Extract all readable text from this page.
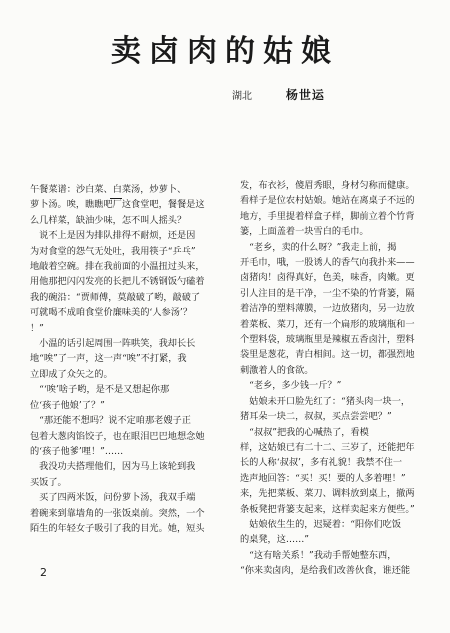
卖卤肉的姑娘
湖北	杨世运
午餐菜谱：沙白菜、白菜汤，炒萝卜、
萝卜汤。唉，瞧瞧吧厂这食堂吧，餐餐是这
么几样菜，缺油少味，怎不叫人摇头？
　说不上是因为排队排得不耐烦，还是因
为对食堂的怨气无处吐，我用筷子“乒乓”
地敲着空碗。排在我前面的小温扭过头来，
用他那把闪闪发亮的长把儿不锈钢饭勺磕着
我的碗沿：“贾师傅，莫敲破了哟，敲破了
可就喝不成咱食堂价廉味美的‘人参汤’？
！”
　小温的话引起周围一阵哄笑，我却长长
地“唉”了一声，这一声“唉”不打紧，我
立即成了众矢之的。
　“‘唉’啥子哟，是不是又想起你那
位‘孩子他娘’了？”
　“那还能不想吗？说不定咱那老嫂子正
包着大葱肉馅饺子，也在眼泪巴巴地想念她
的‘孩子他爹’哩！”……
　我没功夫搭理他们，因为马上该轮到我
买饭了。
　买了四两米饭，问份萝卜汤，我双手端
着碗来到靠墙角的一张饭桌前。突然，一个
陌生的年轻女子吸引了我的目光。她，短头
发，布衣衫，傻眉秀眼，身材匀称而健康。
看样子是位农村姑娘。她站在离桌子不远的
地方，手里提着样盒子样，脚前立着个竹背
篓，上面盖着一块雪白的毛巾。
　“老乡，卖的什么呀？”我走上前，揭
开毛巾，哦，一股诱人的香气向我扑来——
卤猪肉！卤得真好，色美，味香，肉嫩。更
引人注目的是干净，一尘不染的竹背篓，隔
着洁净的塑料薄膜，一边放猪肉，另一边放
着菜板、菜刀，还有一个扁形的玻璃瓶和一
个塑料袋，玻璃瓶里是辣椒五香卤汁，塑料
袋里是葱花，青白相间。这一切，都强烈地
刺激着人的食欲。
　“老乡，多少钱一斤？”
　姑娘未开口脸先红了：“猪头肉一块一，
猪耳朵一块二，叔叔，买点尝尝吧？”
　“叔叔”把我的心喊热了，看模
样，这姑娘已有二十二、三岁了，还能把年
长的人称‘叔叔’，多有礼貌！我禁不住一
选声地回答：“买！买！要的人多着哩！”
来，先把菜板、菜刀、调料放到桌上，撤两
条板凳把背篓支起来，这样卖起来方便些。”
　姑娘依生生的，迟疑着：“阳你们吃饭
的桌凳，这……”
　“这有啥关系！”我动手帮她整东西，
“你来卖卤肉，是给我们改善伙食，谁还能
2
